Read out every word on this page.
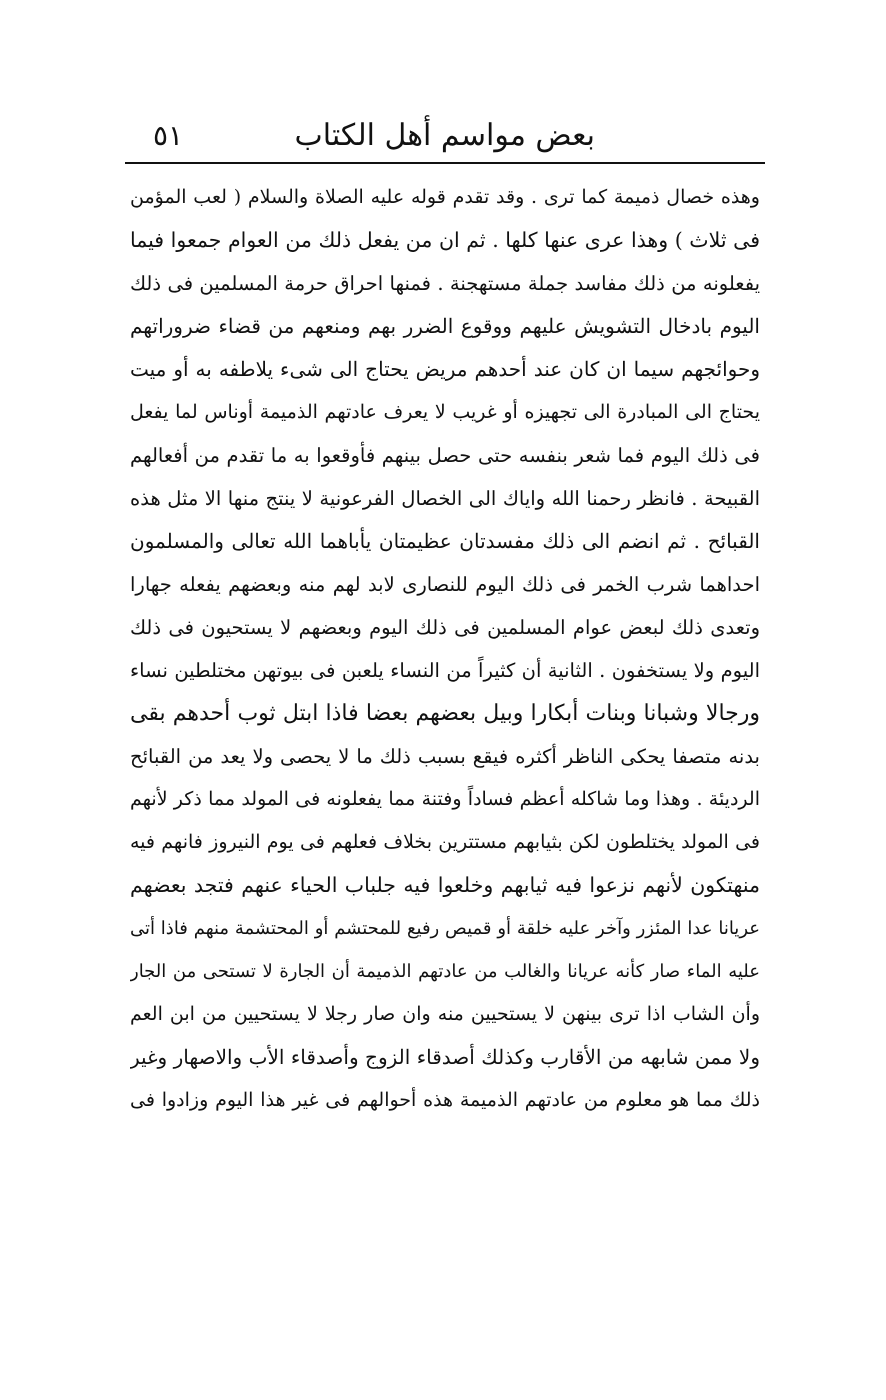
بعض مواسم أهل الكتاب
٥١
وهذه خصال ذميمة كما ترى . وقد تقدم قوله عليه الصلاة والسلام ( لعب المؤمن
فى ثلاث ) وهذا عرى عنها كلها . ثم ان من يفعل ذلك من العوام جمعوا فيما
يفعلونه من ذلك مفاسد جملة مستهجنة . فمنها احراق حرمة المسلمين فى ذلك
اليوم بادخال التشويش عليهم ووقوع الضرر بهم ومنعهم من قضاء ضروراتهم
وحوائجهم سيما ان كان عند أحدهم مريض يحتاج الى شىء يلاطفه به أو ميت
يحتاج الى المبادرة الى تجهيزه أو غريب لا يعرف عادتهم الذميمة أوناس لما يفعل
فى ذلك اليوم فما شعر بنفسه حتى حصل بينهم فأوقعوا به ما تقدم من أفعالهم
القبيحة . فانظر رحمنا الله واياك الى الخصال الفرعونية لا ينتج منها الا مثل هذه
القبائح . ثم انضم الى ذلك مفسدتان عظيمتان يأباهما الله تعالى والمسلمون
احداهما شرب الخمر فى ذلك اليوم للنصارى لابد لهم منه وبعضهم يفعله جهارا
وتعدى ذلك لبعض عوام المسلمين فى ذلك اليوم وبعضهم لا يستحيون فى ذلك
اليوم ولا يستخفون . الثانية أن كثيراً من النساء يلعبن فى بيوتهن مختلطين نساء
ورجالا وشبانا وبنات أبكارا وبيل بعضهم بعضا فاذا ابتل ثوب أحدهم بقى
بدنه متصفا يحكى الناظر أكثره فيقع بسبب ذلك ما لا يحصى ولا يعد من القبائح
الرديئة . وهذا وما شاكله أعظم فساداً وفتنة مما يفعلونه فى المولد مما ذكر لأنهم
فى المولد يختلطون لكن بثيابهم مستترين بخلاف فعلهم فى يوم النيروز فانهم فيه
منهتكون لأنهم نزعوا فيه ثيابهم وخلعوا فيه جلباب الحياء عنهم فتجد بعضهم
عريانا عدا المئزر وآخر عليه خلقة أو قميص رفيع للمحتشم أو المحتشمة منهم فاذا أتى
عليه الماء صار كأنه عريانا والغالب من عادتهم الذميمة أن الجارة لا تستحى من الجار
وأن الشاب اذا ترى بينهن لا يستحيين منه وان صار رجلا لا يستحيين من ابن العم
ولا ممن شابهه من الأقارب وكذلك أصدقاء الزوج وأصدقاء الأب والاصهار وغير
ذلك مما هو معلوم من عادتهم الذميمة هذه أحوالهم فى غير هذا اليوم وزادوا فى
